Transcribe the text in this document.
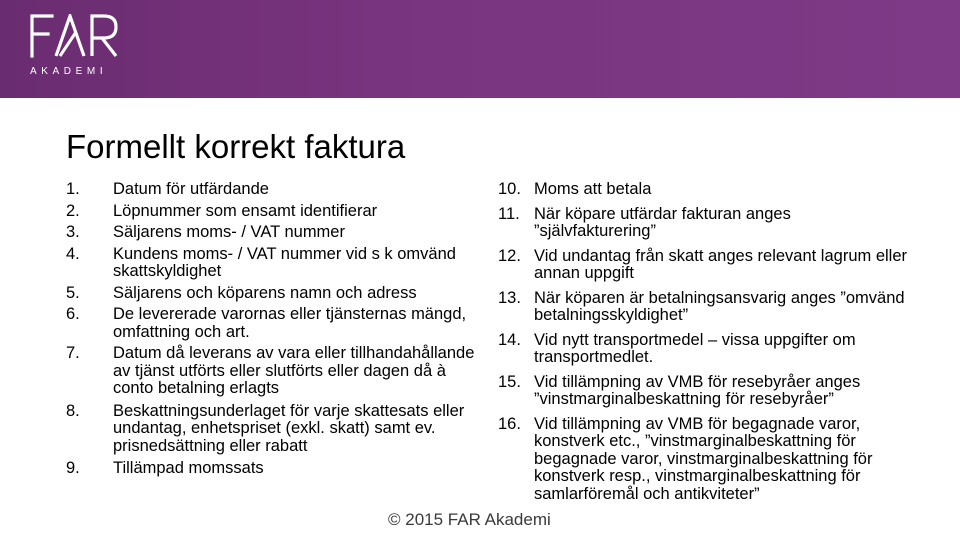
AKADEMI
Formellt korrekt faktura
1. Datum för utfärdande
2. Löpnummer som ensamt identifierar
3. Säljarens moms- / VAT nummer
4. Kundens moms- / VAT nummer vid s k omvänd skattskyldighet
5. Säljarens och köparens namn och adress
6. De levererade varornas eller tjänsternas mängd, omfattning och art.
7. Datum då leverans av vara eller tillhandahållande av tjänst utförts eller slutförts eller dagen då à conto betalning erlagts
8. Beskattningsunderlaget för varje skattesats eller undantag, enhetspriset (exkl. skatt) samt ev. prisnedsättning eller rabatt
9. Tillämpad momssats
10. Moms att betala
11. När köpare utfärdar fakturan anges ”självfakturering”
12. Vid undantag från skatt anges relevant lagrum eller annan uppgift
13. När köparen är betalningsansvarig anges ”omvänd betalningsskyldighet”
14. Vid nytt transportmedel – vissa uppgifter om transportmedlet.
15. Vid tillämpning av VMB för resebyråer anges ”vinstmarginalbeskattning för resebyråer”
16. Vid tillämpning av VMB för begagnade varor, konstverk etc., ”vinstmarginalbeskattning för begagnade varor, vinstmarginalbeskattning för konstverk resp., vinstmarginalbeskattning för samlarföremål och antikviteter”
© 2015 FAR Akademi
